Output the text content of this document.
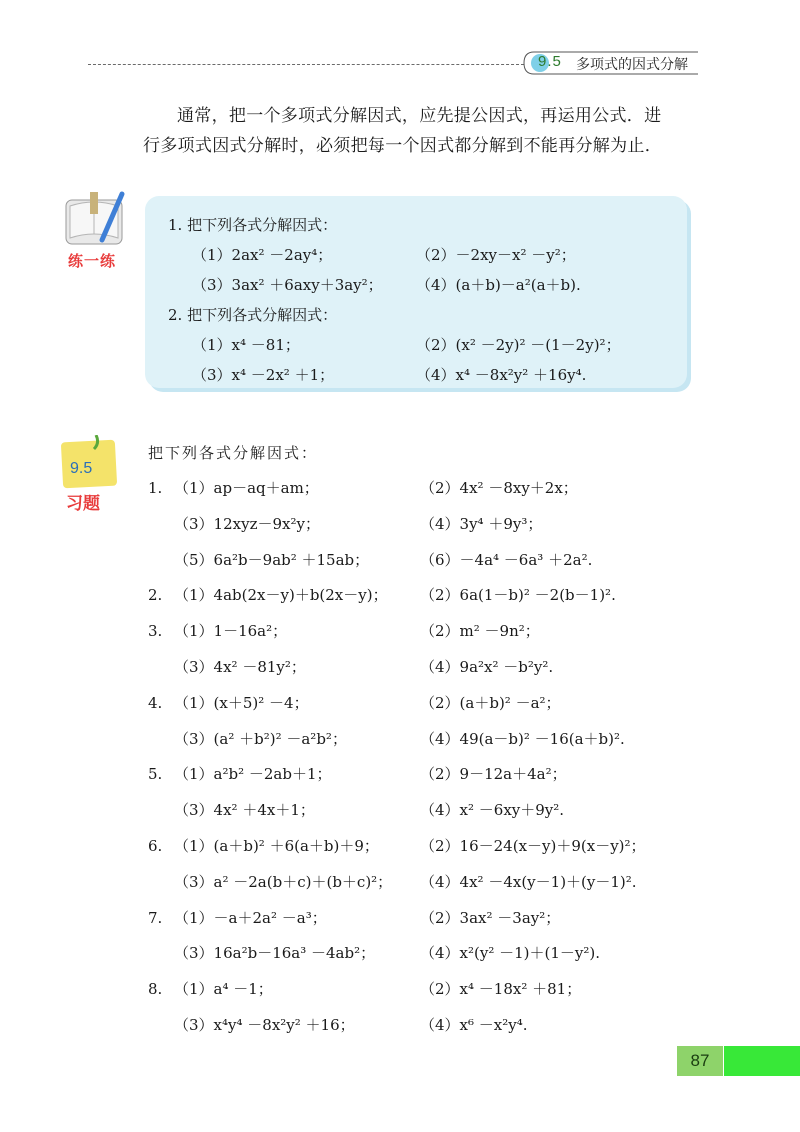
9.5 多项式的因式分解

通常，把一个多项式分解因式，应先提公因式，再运用公式．进

行多项式因式分解时，必须把每一个因式都分解到不能再分解为止．

练一练
1. 把下列各式分解因式：
（1）2ax² －2ay⁴；	（2）－2xy－x² －y²；
（3）3ax² ＋6axy＋3ay²； （4）(a＋b)－a²(a＋b).
2. 把下列各式分解因式：
（1）x⁴ －81；	（2）(x² －2y)² －(1－2y)²；
（3）x⁴ －2x² ＋1；	（4）x⁴ －8x²y² ＋16y⁴.
9.5
习题
把下列各式分解因式：
1. （1）ap－aq＋am；	（2）4x² －8xy＋2x；
（3）12xyz－9x²y；	（4）3y⁴ ＋9y³；
（5）6a²b－9ab² ＋15ab；	（6）－4a⁴ －6a³ ＋2a².
2. （1）4ab(2x－y)＋b(2x－y)； （2）6a(1－b)² －2(b－1)².
3. （1）1－16a²；	（2）m² －9n²；
（3）4x² －81y²；	（4）9a²x² －b²y².
4. （1）(x＋5)² －4；	（2）(a＋b)² －a²；
（3）(a² ＋b²)² －a²b²；	（4）49(a－b)² －16(a＋b)².
5. （1）a²b² －2ab＋1；	（2）9－12a＋4a²；
（3）4x² ＋4x＋1；	（4）x² －6xy＋9y².
6. （1）(a＋b)² ＋6(a＋b)＋9；	（2）16－24(x－y)＋9(x－y)²；
（3）a² －2a(b＋c)＋(b＋c)²； （4）4x² －4x(y－1)＋(y－1)².
7. （1）－a＋2a² －a³；	（2）3ax² －3ay²；
（3）16a²b－16a³ －4ab²；	（4）x²(y² －1)＋(1－y²).
8. （1）a⁴ －1；	（2）x⁴ －18x² ＋81；
（3）x⁴y⁴ －8x²y² ＋16；	（4）x⁶ －x²y⁴.
87
